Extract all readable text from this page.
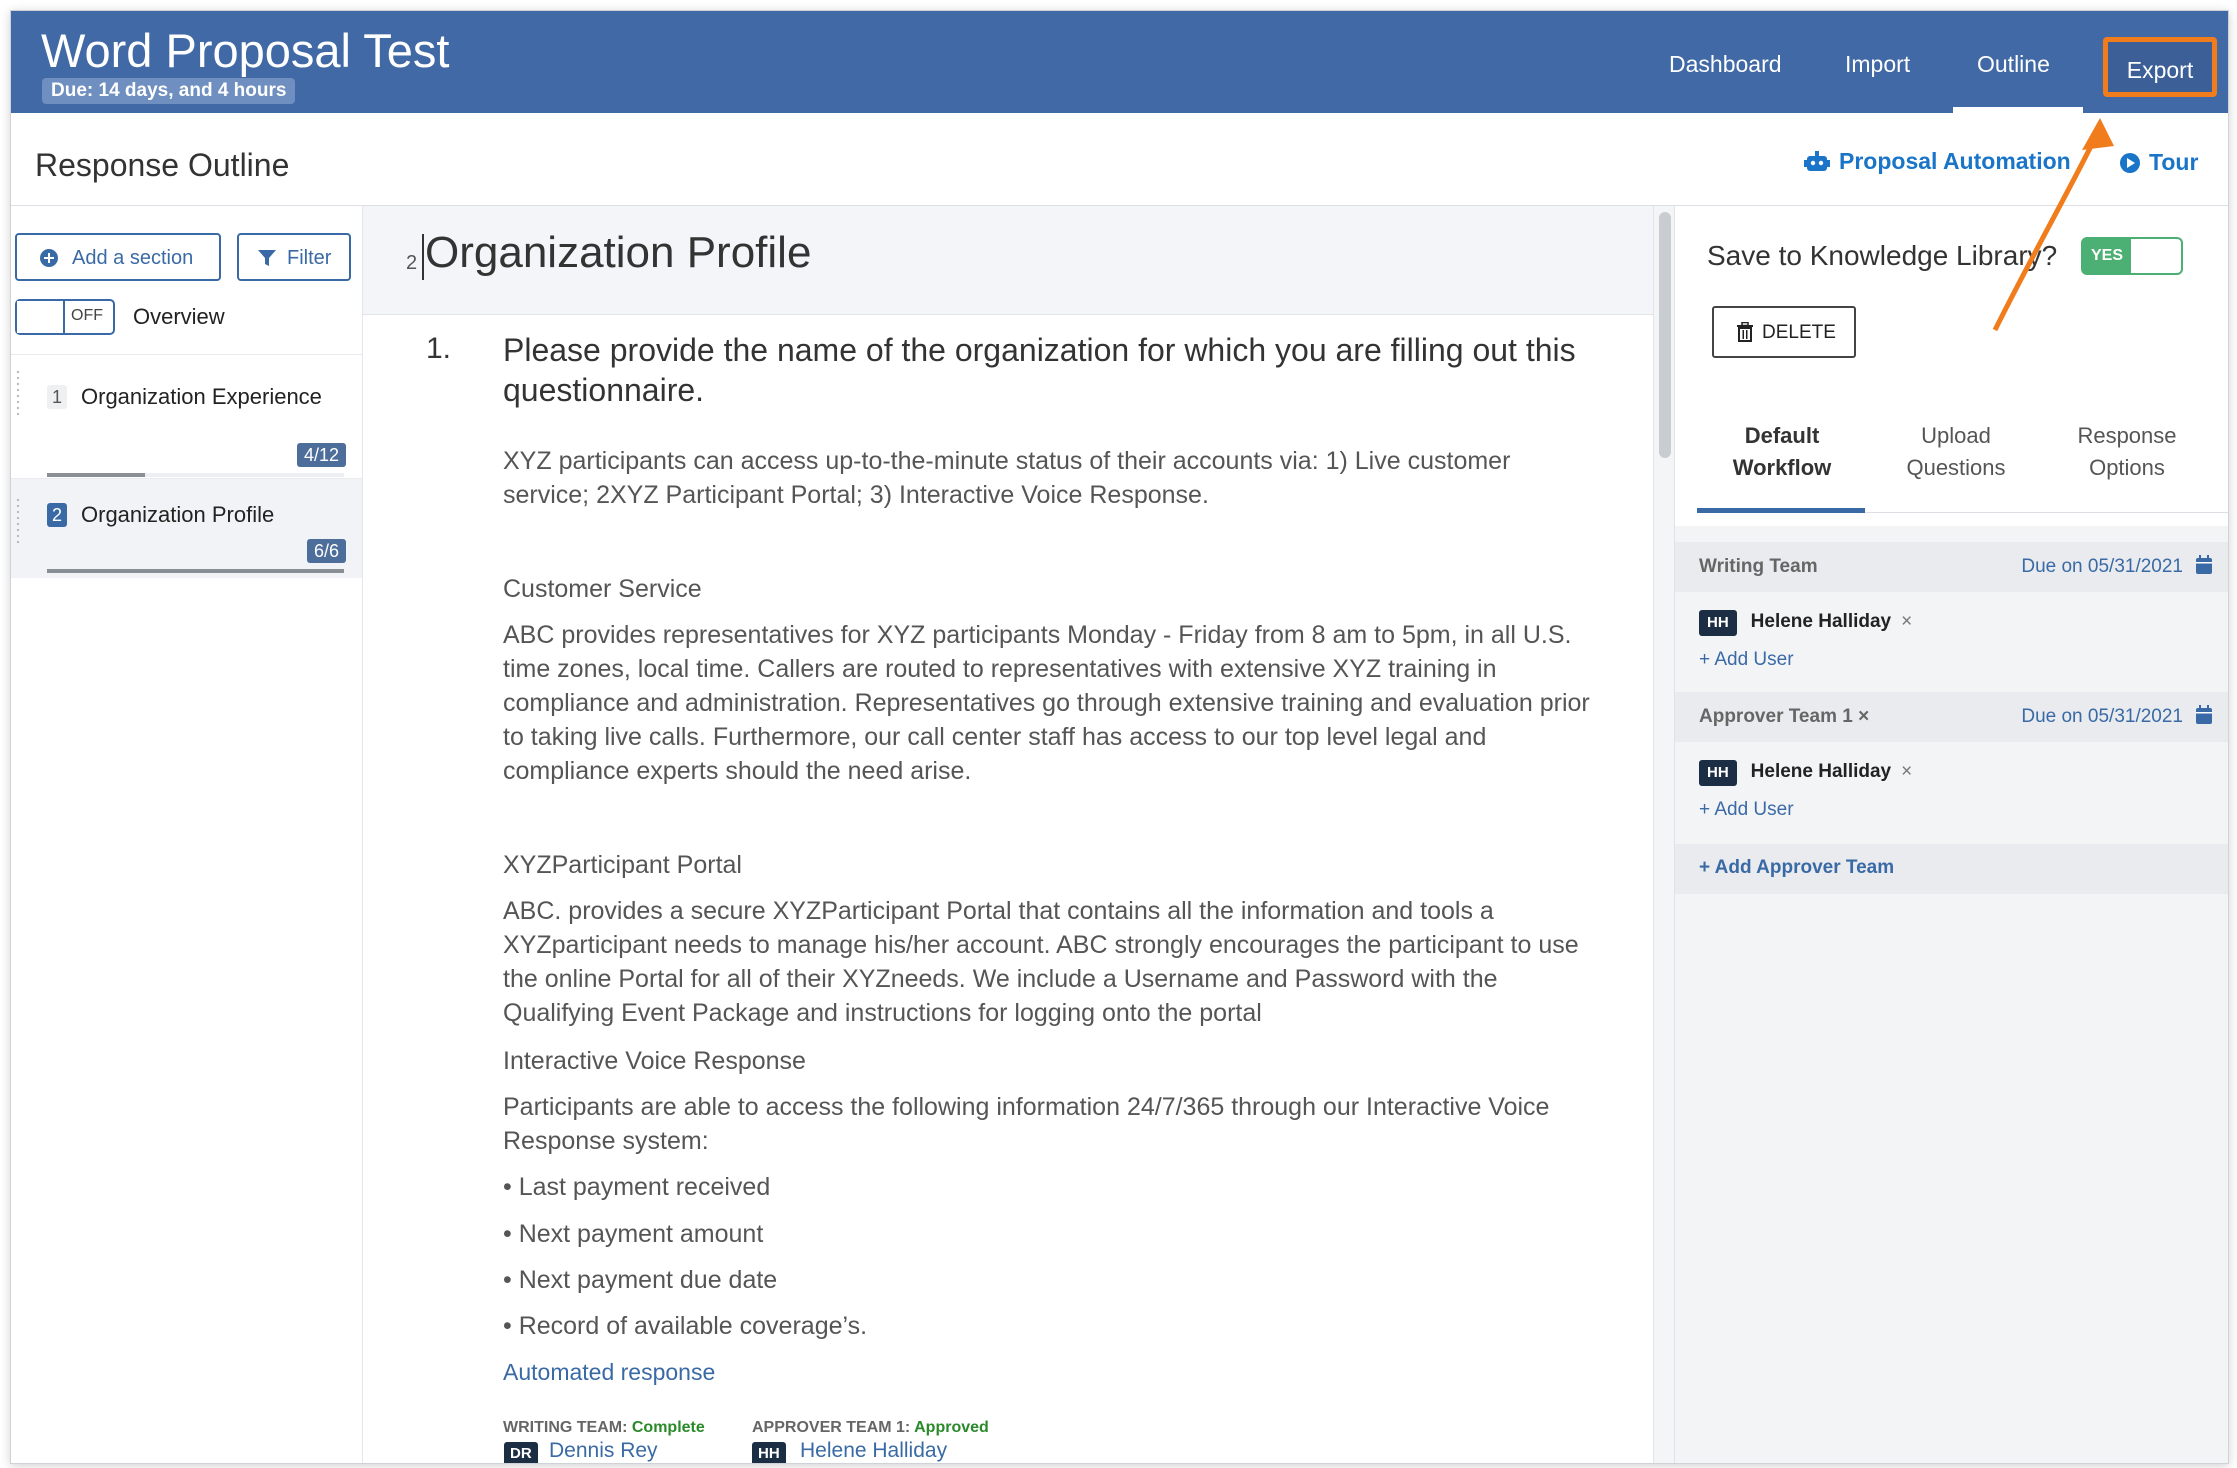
Word Proposal Test
Due: 14 days, and 4 hours
Dashboard	Import	Outline	Export
Response Outline	Proposal Automation	Tour
Add a section	Filter
OFF Overview
1 Organization Experience
4/12
2 Organization Profile
6/6
2 Organization Profile
1. Please provide the name of the organization for which you are filling out this questionnaire.
XYZ participants can access up-to-the-minute status of their accounts via: 1) Live customer service; 2XYZ Participant Portal; 3) Interactive Voice Response.
Customer Service
ABC provides representatives for XYZ participants Monday - Friday from 8 am to 5pm, in all U.S. time zones, local time. Callers are routed to representatives with extensive XYZ training in compliance and administration. Representatives go through extensive training and evaluation prior to taking live calls. Furthermore, our call center staff has access to our top level legal and compliance experts should the need arise.
XYZParticipant Portal
ABC. provides a secure XYZParticipant Portal that contains all the information and tools a XYZparticipant needs to manage his/her account. ABC strongly encourages the participant to use the online Portal for all of their XYZneeds. We include a Username and Password with the Qualifying Event Package and instructions for logging onto the portal
Interactive Voice Response
Participants are able to access the following information 24/7/365 through our Interactive Voice Response system:
• Last payment received
• Next payment amount
• Next payment due date
• Record of available coverage’s.
Automated response
WRITING TEAM: Complete
DR Dennis Rey
APPROVER TEAM 1: Approved
HH Helene Halliday
Save to Knowledge Library?	YES
DELETE
Default Workflow
Upload Questions
Response Options
Writing Team	Due on 05/31/2021
HH Helene Halliday ×
+ Add User
Approver Team 1 ×	Due on 05/31/2021
HH Helene Halliday ×
+ Add User
+ Add Approver Team
